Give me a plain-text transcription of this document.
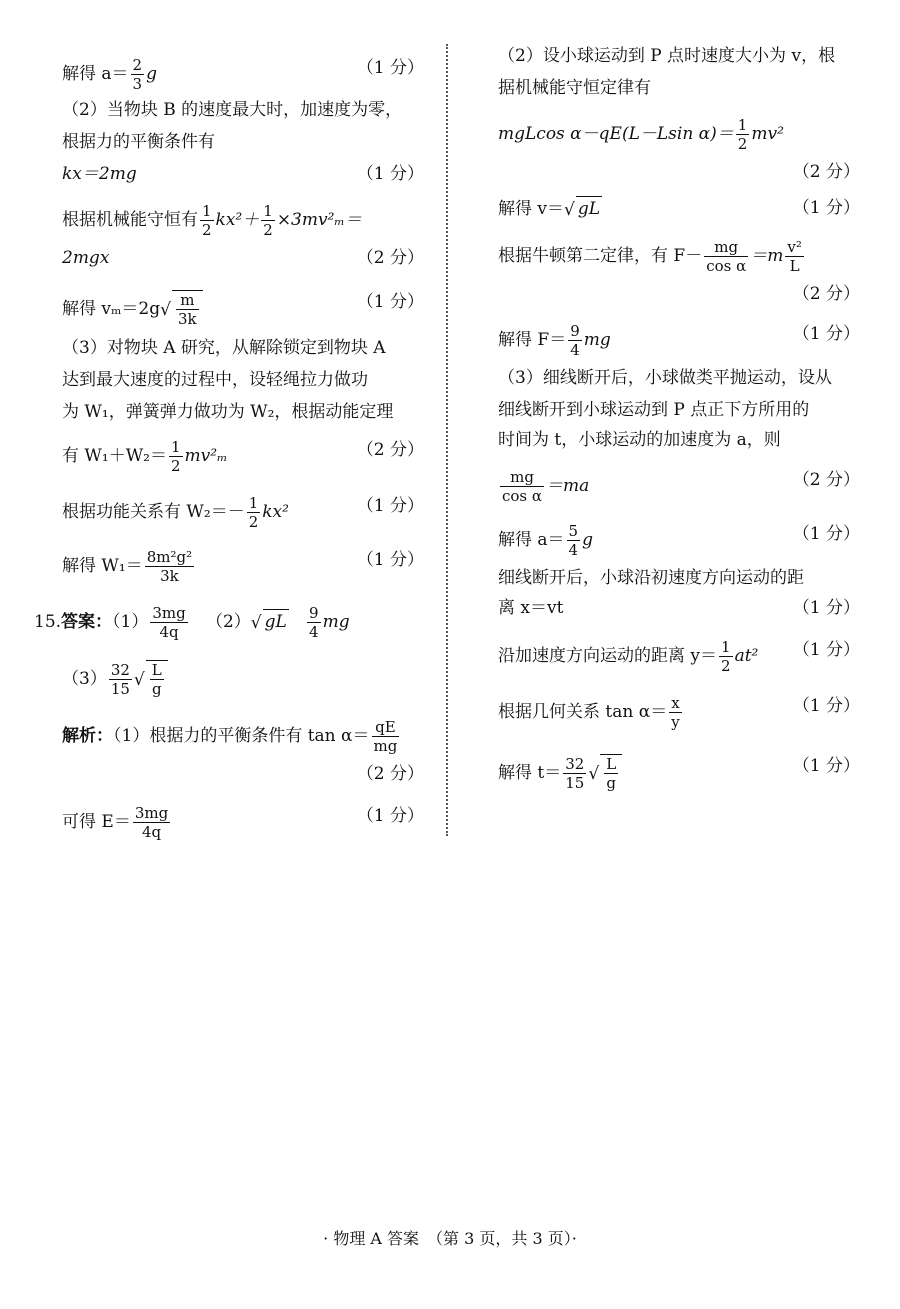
解得 $a= \frac{2}{3}$ g	（1 分）
（2）当物块 B 的速度最大时，加速度为零，
根据力的平衡条件有
kx＝2mg	（1 分）
根据机械能守恒有 $\frac{1}{2} kx^2+ \frac{1}{2} \times 3mv^2_m=$
2mgx	（2 分）
解得 $v_m=2g√ \frac{m}{3k}$	（1 分）
（3）对物块 A 研究，从解除锁定到物块 A
达到最大速度的过程中，设轻绳拉力做功
为 W₁，弹簧弹力做功为 W₂，根据动能定理
有 $W_1+W_2= \frac{1}{2} mv^2_m$	（2 分）
根据功能关系有 $W_2=- \frac{1}{2} kx^2$	（1 分）
解得 $W_1= \frac{\text{8m²g²}}{3k}$	（1 分）
15.答案：$(1) \frac{3mg}{4q} (2)√$ gL $\frac{9}{4}$ mg
$(3) \frac{32}{15}$ √ $\frac{L}{g}$
解析：（1）根据力的平衡条件有 $\tan \alpha= \frac{qE}{mg}$
（2 分）
可得 $E= \frac{3mg}{4q}$	（1 分）
（2）设小球运动到 P 点时速度大小为 v，根
据机械能守恒定律有
mgLcos α－qE(L－Lsin $\alpha)= \frac{1}{2} mv^2$
（2 分）
解得 v＝√ gL	（1 分）
根据牛顿第二定律，有 $F- \frac{mg}{\text{cos α}} =m \frac{\text{v²}}{L}$
（2 分）
解得 $F= \frac{9}{4}$ mg	（1 分）
（3）细线断开后，小球做类平抛运动，设从
细线断开到小球运动到 P 点正下方所用的
时间为 t，小球运动的加速度为 a，则
$\frac{mg}{\text{cos α}} =ma$	（2 分）
解得 $a= \frac{5}{4}$ g	（1 分）
细线断开后，小球沿初速度方向运动的距
离 x＝vt	（1 分）
沿加速度方向运动的距离 $y= \frac{1}{2} at^2$ （1 分）
根据几何关系 $\tan \alpha= \frac{x}{y}$	（1 分）
解得 $t= \frac{32}{15}$ √ $\frac{L}{g}$	（1 分）
· 物理 A 答案　（第 3 页，共 3 页）·
